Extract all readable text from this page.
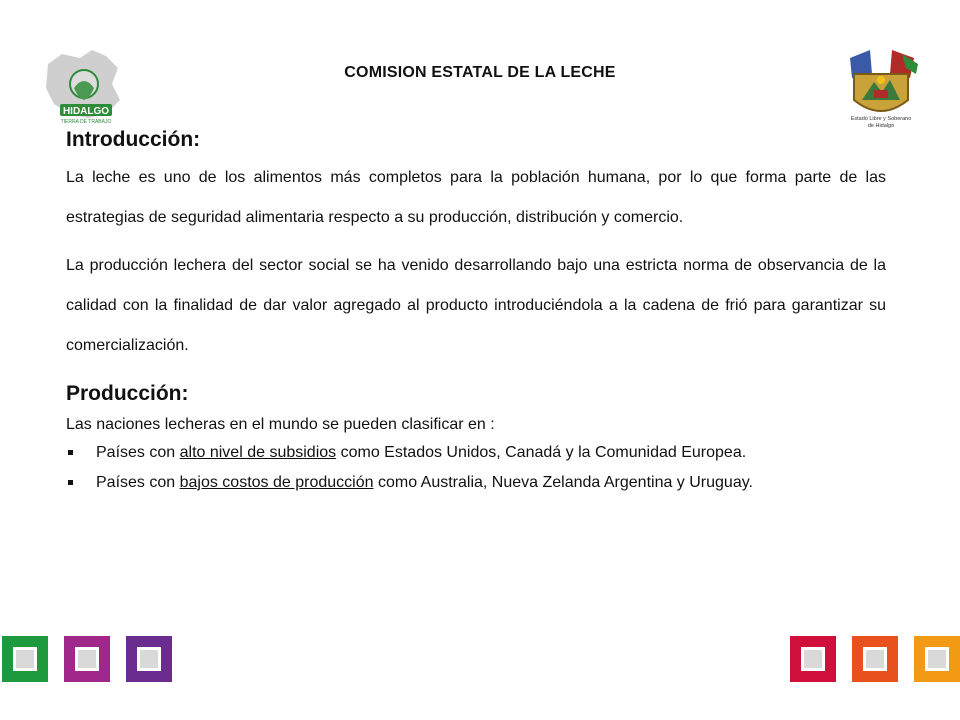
COMISION ESTATAL DE LA LECHE
HIDALGO
TIERRA DE TRABAJO	Estado Libre y Soberano
de Hidalgo
Introducción:

La leche es uno de los alimentos más completos para la población humana, por lo que forma parte de las estrategias de seguridad alimentaria respecto a su producción, distribución y comercio.

La producción lechera del sector social se ha venido desarrollando bajo una estricta norma de observancia de la calidad con la finalidad de dar valor agregado al producto introduciéndola a la cadena de frió para garantizar su comercialización.

Producción:

Las naciones lecheras en el mundo se pueden clasificar en :

Países con alto nivel de subsidios como Estados Unidos, Canadá y la Comunidad Europea.
Países con bajos costos de producción como Australia, Nueva Zelanda Argentina y Uruguay.
